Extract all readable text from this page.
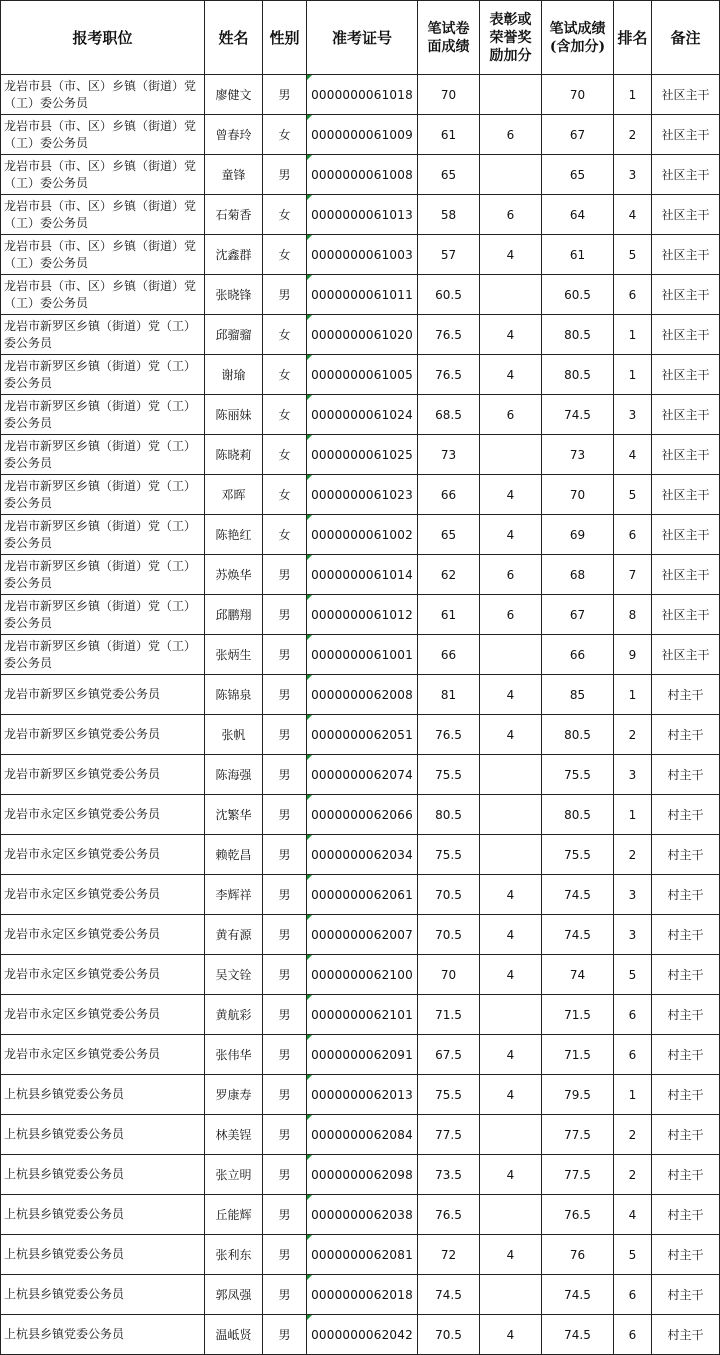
报考职位	姓名	性别	准考证号	笔试卷面成绩	表彰或荣誉奖励加分	笔试成绩(含加分)	排名	备注
龙岩市县（市、区）乡镇（街道）党（工）委公务员	廖健文	男	0000000061018	70		70	1	社区主干
龙岩市县（市、区）乡镇（街道）党（工）委公务员	曾春玲	女	0000000061009	61	6	67	2	社区主干
龙岩市县（市、区）乡镇（街道）党（工）委公务员	童锋	男	0000000061008	65		65	3	社区主干
龙岩市县（市、区）乡镇（街道）党（工）委公务员	石菊香	女	0000000061013	58	6	64	4	社区主干
龙岩市县（市、区）乡镇（街道）党（工）委公务员	沈鑫群	女	0000000061003	57	4	61	5	社区主干
龙岩市县（市、区）乡镇（街道）党（工）委公务员	张晓锋	男	0000000061011	60.5		60.5	6	社区主干
龙岩市新罗区乡镇（街道）党（工）委公务员	邱骝骝	女	0000000061020	76.5	4	80.5	1	社区主干
龙岩市新罗区乡镇（街道）党（工）委公务员	谢瑜	女	0000000061005	76.5	4	80.5	1	社区主干
龙岩市新罗区乡镇（街道）党（工）委公务员	陈丽妹	女	0000000061024	68.5	6	74.5	3	社区主干
龙岩市新罗区乡镇（街道）党（工）委公务员	陈晓莉	女	0000000061025	73		73	4	社区主干
龙岩市新罗区乡镇（街道）党（工）委公务员	邓晖	女	0000000061023	66	4	70	5	社区主干
龙岩市新罗区乡镇（街道）党（工）委公务员	陈艳红	女	0000000061002	65	4	69	6	社区主干
龙岩市新罗区乡镇（街道）党（工）委公务员	苏焕华	男	0000000061014	62	6	68	7	社区主干
龙岩市新罗区乡镇（街道）党（工）委公务员	邱鹏翔	男	0000000061012	61	6	67	8	社区主干
龙岩市新罗区乡镇（街道）党（工）委公务员	张炳生	男	0000000061001	66		66	9	社区主干
龙岩市新罗区乡镇党委公务员	陈锦泉	男	0000000062008	81	4	85	1	村主干
龙岩市新罗区乡镇党委公务员	张帆	男	0000000062051	76.5	4	80.5	2	村主干
龙岩市新罗区乡镇党委公务员	陈海强	男	0000000062074	75.5		75.5	3	村主干
龙岩市永定区乡镇党委公务员	沈繁华	男	0000000062066	80.5		80.5	1	村主干
龙岩市永定区乡镇党委公务员	赖乾昌	男	0000000062034	75.5		75.5	2	村主干
龙岩市永定区乡镇党委公务员	李辉祥	男	0000000062061	70.5	4	74.5	3	村主干
龙岩市永定区乡镇党委公务员	黄有源	男	0000000062007	70.5	4	74.5	3	村主干
龙岩市永定区乡镇党委公务员	吴文铨	男	0000000062100	70	4	74	5	村主干
龙岩市永定区乡镇党委公务员	黄航彩	男	0000000062101	71.5		71.5	6	村主干
龙岩市永定区乡镇党委公务员	张伟华	男	0000000062091	67.5	4	71.5	6	村主干
上杭县乡镇党委公务员	罗康寿	男	0000000062013	75.5	4	79.5	1	村主干
上杭县乡镇党委公务员	林美锃	男	0000000062084	77.5		77.5	2	村主干
上杭县乡镇党委公务员	张立明	男	0000000062098	73.5	4	77.5	2	村主干
上杭县乡镇党委公务员	丘能辉	男	0000000062038	76.5		76.5	4	村主干
上杭县乡镇党委公务员	张利东	男	0000000062081	72	4	76	5	村主干
上杭县乡镇党委公务员	郭凤强	男	0000000062018	74.5		74.5	6	村主干
上杭县乡镇党委公务员	温岻贤	男	0000000062042	70.5	4	74.5	6	村主干
